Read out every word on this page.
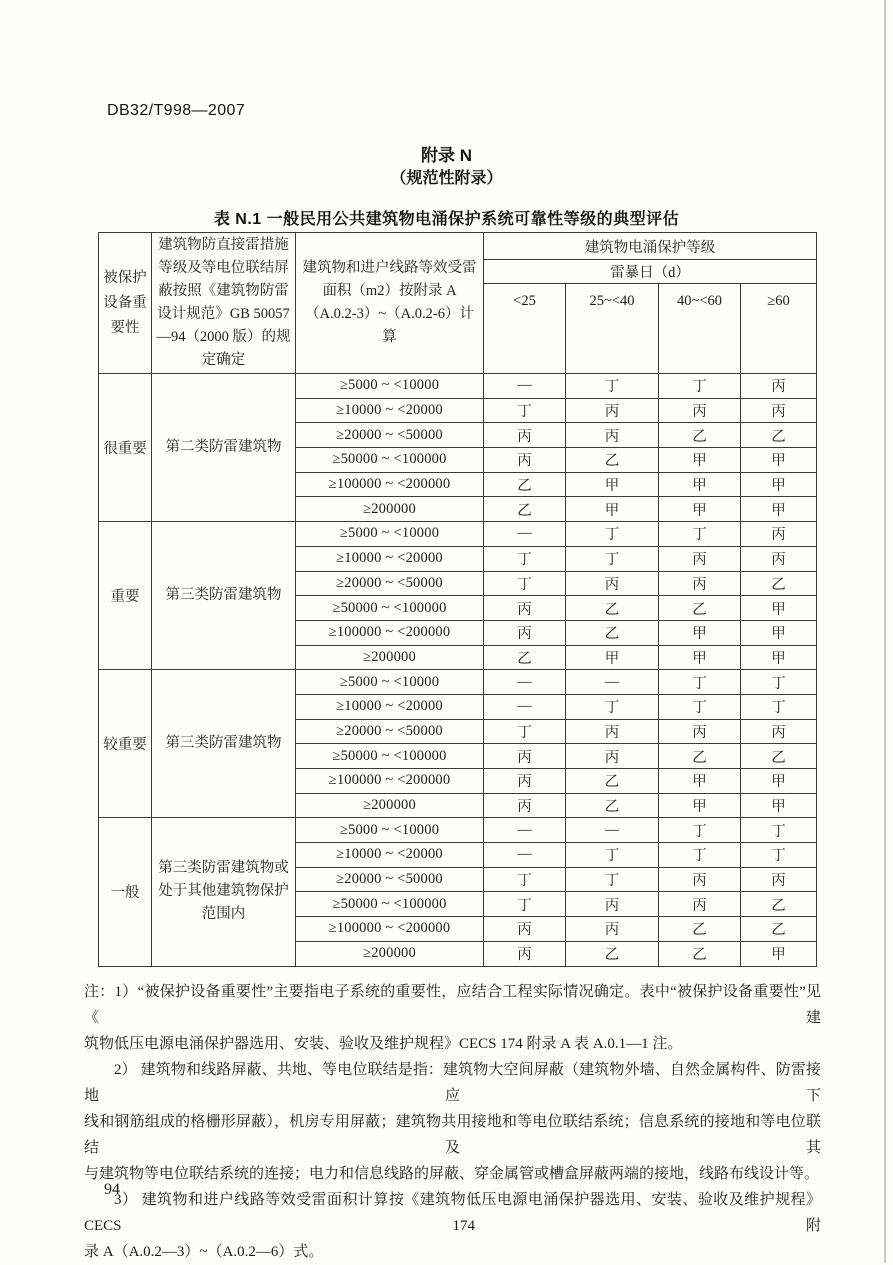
DB32/T998—2007
附录 N
（规范性附录）
表 N.1 一般民用公共建筑物电涌保护系统可靠性等级的典型评估
被保护设备重要性	建筑物防直接雷措施等级及等电位联结屏蔽按照《建筑物防雷设计规范》GB 50057—94（2000 版）的规定确定	建筑物和进户线路等效受雷面积（m2）按附录 A（A.0.2-3）~（A.0.2-6）计算	建筑物电涌保护等级			
			雷暴日（d）			
			<25	25~<40	40~<60	≥60
很重要	第二类防雷建筑物	≥5000 ~ <10000	—	丁	丁	丙
		≥10000 ~ <20000	丁	丙	丙	丙
		≥20000 ~ <50000	丙	丙	乙	乙
		≥50000 ~ <100000	丙	乙	甲	甲
		≥100000 ~ <200000	乙	甲	甲	甲
		≥200000	乙	甲	甲	甲
重要	第三类防雷建筑物	≥5000 ~ <10000	—	丁	丁	丙
		≥10000 ~ <20000	丁	丁	丙	丙
		≥20000 ~ <50000	丁	丙	丙	乙
		≥50000 ~ <100000	丙	乙	乙	甲
		≥100000 ~ <200000	丙	乙	甲	甲
		≥200000	乙	甲	甲	甲
较重要	第三类防雷建筑物	≥5000 ~ <10000	—	—	丁	丁
		≥10000 ~ <20000	—	丁	丁	丁
		≥20000 ~ <50000	丁	丙	丙	丙
		≥50000 ~ <100000	丙	丙	乙	乙
		≥100000 ~ <200000	丙	乙	甲	甲
		≥200000	丙	乙	甲	甲
一般	第三类防雷建筑物或处于其他建筑物保护范围内	≥5000 ~ <10000	—	—	丁	丁
		≥10000 ~ <20000	—	丁	丁	丁
		≥20000 ~ <50000	丁	丁	丙	丙
		≥50000 ~ <100000	丁	丙	丙	乙
		≥100000 ~ <200000	丙	丙	乙	乙
		≥200000	丙	乙	乙	甲
注：1）“被保护设备重要性”主要指电子系统的重要性，应结合工程实际情况确定。表中“被保护设备重要性”见《建
筑物低压电源电涌保护器选用、安装、验收及维护规程》CECS 174 附录 A 表 A.0.1—1 注。
2） 建筑物和线路屏蔽、共地、等电位联结是指：建筑物大空间屏蔽（建筑物外墙、自然金属构件、防雷接地应下
线和钢筋组成的格栅形屏蔽），机房专用屏蔽；建筑物共用接地和等电位联结系统；信息系统的接地和等电位联结及其
与建筑物等电位联结系统的连接；电力和信息线路的屏蔽、穿金属管或槽盒屏蔽两端的接地，线路布线设计等。
3） 建筑物和进户线路等效受雷面积计算按《建筑物低压电源电涌保护器选用、安装、验收及维护规程》CECS 174 附
录 A（A.0.2—3）~（A.0.2—6）式。
94
